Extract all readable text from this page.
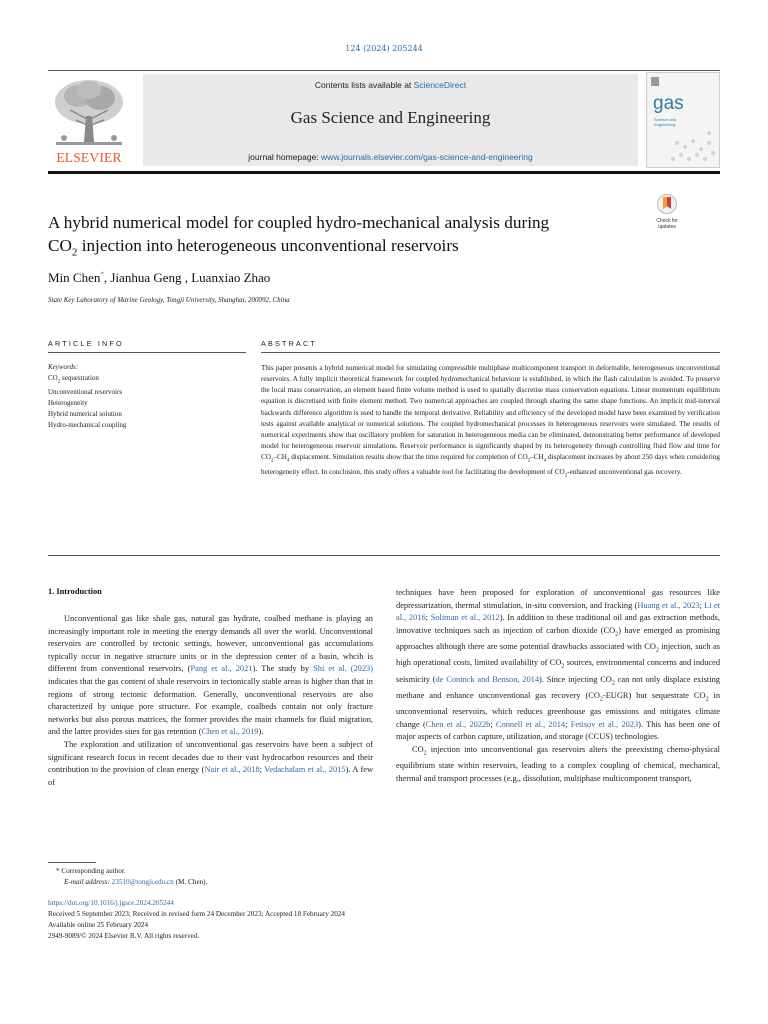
124 (2024) 205244
ELSEVIER
Contents lists available at ScienceDirect
Gas Science and Engineering
journal homepage: www.journals.elsevier.com/gas-science-and-engineering
gas
Science and
Engineering
Check for
updates
A hybrid numerical model for coupled hydro-mechanical analysis during
$CO_2$ injection into heterogeneous unconventional reservoirs
Min Chen*, Jianhua Geng , Luanxiao Zhao
State Key Laboratory of Marine Geology, Tongji University, Shanghai, 200092, China
ARTICLE INFO
Keywords:
$CO_2$ sequestration
Unconventional reservoirs
Heterogeneity
Hybrid numerical solution
Hydro-mechanical coupling
ABSTRACT
This paper presents a hybrid numerical model for simulating compressible multiphase multicomponent transport in deformable, heterogeneous unconventional reservoirs. A fully implicit theoretical framework for coupled hydromechanical behaviour is established, in which the flash calculation is avoided. To preserve the local mass conservation, an element based finite volume method is used to spatially discretise mass conservation equations. Linear momentum equilibrium equation is discretised with finite element method. Two numerical approaches are coupled through sharing the same shape functions. An implicit mid-interval backwards difference algorithm is used to handle the temporal derivative. Reliability and efficiency of the developed model have been examined by verification tests against available analytical or numerical solutions. The coupled hydromechanical processes in heterogeneous reservoirs were simulated. The results of numerical experiments show that oscillatory problem for saturation in heterogeneous media can be eliminated, demonstrating better performance of developed model for heterogeneous reservoir simulations. Reservoir performance is significantly shaped by its heterogeneity through controlling fluid flow and time for $CO_2-CH_4$ displacement. Simulation results show that the time required for completion of $CO_2-CH_4$ displacement increases by about 250 days when considering heterogeneity effect. In conclusion, this study offers a valuable tool for facilitating the development of $CO_2$-enhanced unconventional gas recovery.
1. Introduction

Unconventional gas like shale gas, natural gas hydrate, coalbed methane is playing an increasingly important role in meeting the energy demands all over the world. Unconventional reservoirs are controlled by tectonic settings, however, unconventional gas accumulations typically occur in negative structure units or in the depression center of a basin, whcih is different from conventional reservoirs, (Pang et al., 2021). The study by Shi et al. (2023) indicates that the gas content of shale reservoirs in tectonically stable areas is higher than that in regions of strong tectonic deformation. Generally, unconventional reservoirs are also characterized by unique pore structure. For example, coalbeds contain not only fracture networks but also porous matrices, the former provides the main channels for fluid migration, and the latter provides sites for gas retention (Chen et al., 2019).

The exploration and utilization of unconventional gas reservoirs have been a subject of significant research focus in recent decades due to their vast hydrocarbon resources and their contribution to the provision of clean energy (Nair et al., 2018; Vedachalam et al., 2015). A few of

techniques have been proposed for exploration of unconventional gas resources like depressurization, thermal stimulation, in-situ conversion, and fracking (Huang et al., 2023; Li et al., 2016; Soliman et al., 2012). In addition to these traditional oil and gas extraction methods, innovative techniques such as injection of carbon dioxide $(CO_2)$ have emerged as promising approaches although there are some potential drawbacks associated with $CO_2$ injection, such as high operational costs, limited availability of $CO_2$ sources, environmental concerns and induced seismicity (de Coninck and Benson, 2014). Since injecting $CO_2$ can not only displace existing methane and enhance unconventional gas recovery $(CO_2-EUGR)$ but sequestrate $CO_2$ in unconventional reservoirs, which reduces greenhouse gas emissions and mitigates climate change (Chen et al., 2022b; Connell et al., 2014; Fetisov et al., 2023). This has been one of major aspects of carbon capture, utilization, and storage (CCUS) technologies.

$CO_2$ injection into unconventional gas reservoirs alters the preexisting chemo-physical equilibrium state within reservoirs, leading to a complex coupling of chemical, mechanical, thermal and transport processes (e.g., dissolution, multiphase multicomponent transport,

* Corresponding author.
E-mail address: 23510@tongji.edu.cn (M. Chen).
https://doi.org/10.1016/j.jgsce.2024.205244
Received 5 September 2023; Received in revised form 24 December 2023; Accepted 18 February 2024
Available online 25 February 2024
2949-9089/© 2024 Elsevier B.V. All rights reserved.
